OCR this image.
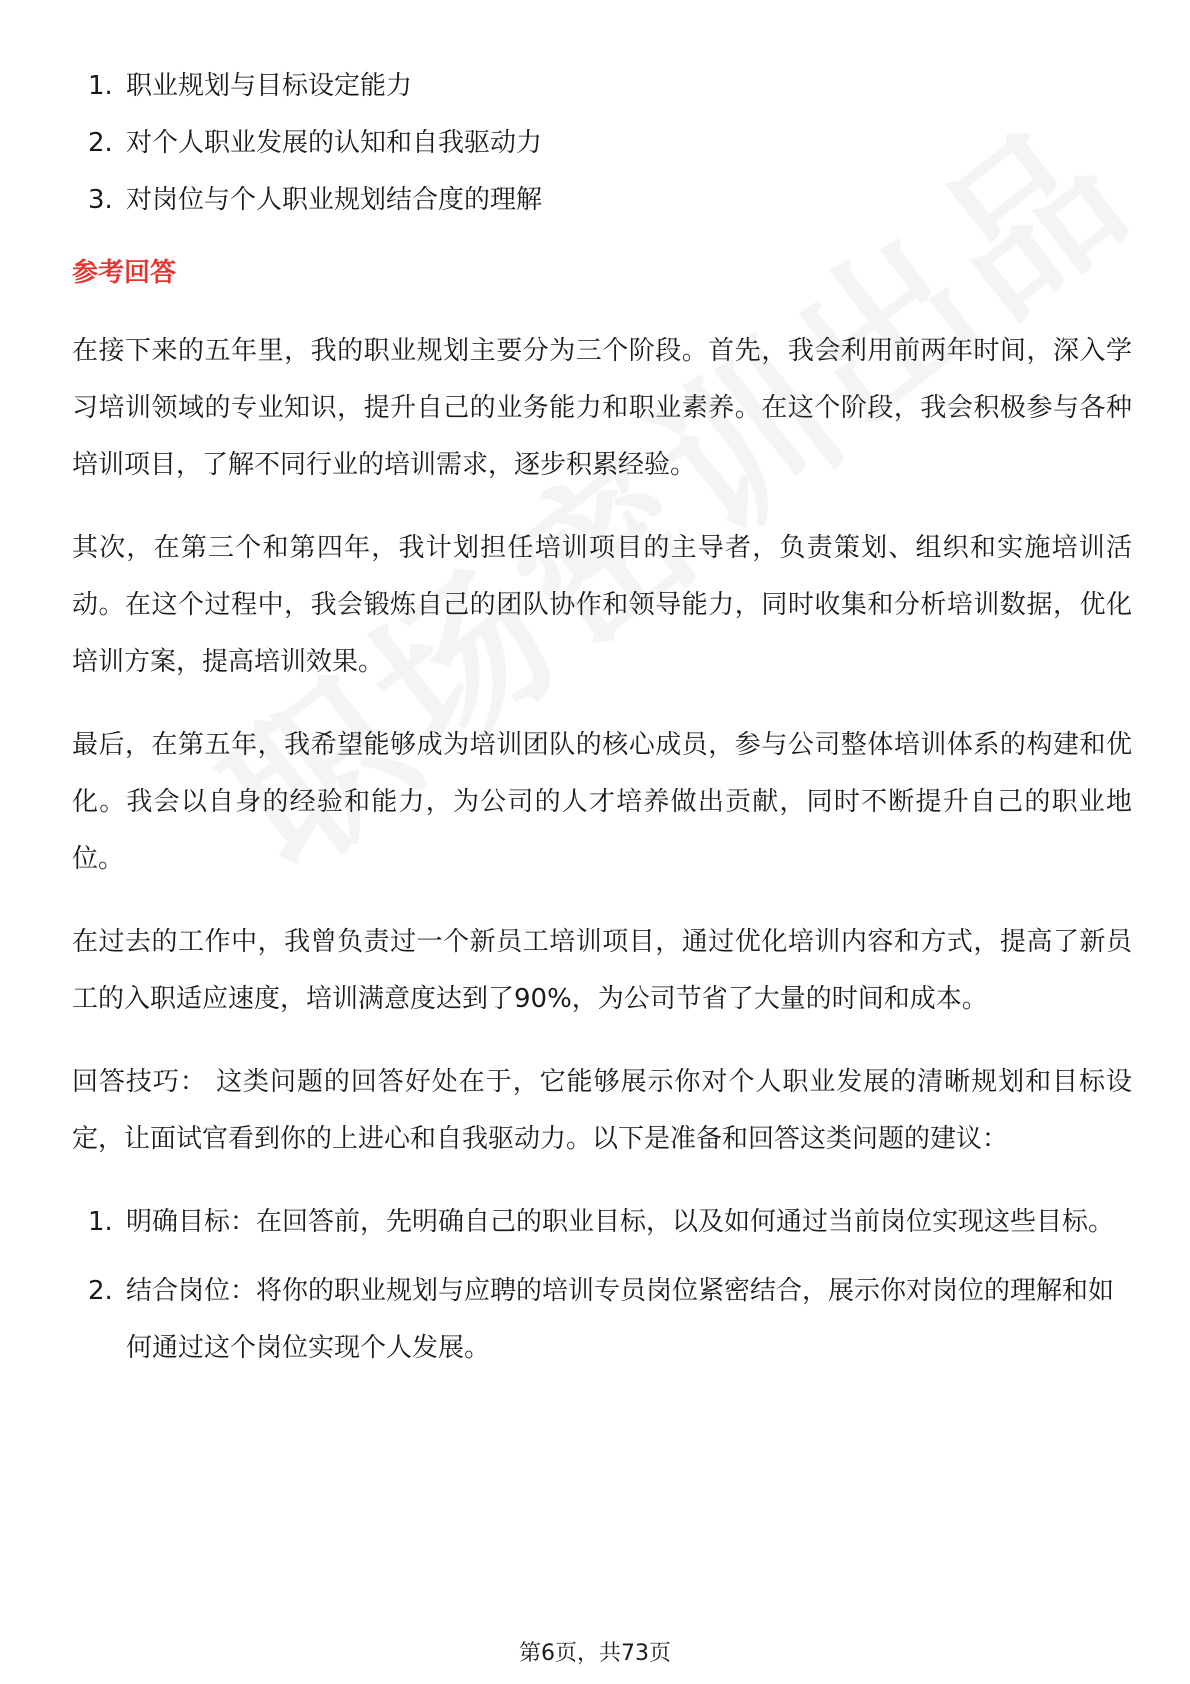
1. 职业规划与目标设定能力
2. 对个人职业发展的认知和自我驱动力
3. 对岗位与个人职业规划结合度的理解
参考回答

在接下来的五年里，我的职业规划主要分为三个阶段。首先，我会利用前两年时间，深入学习培训领域的专业知识，提升自己的业务能力和职业素养。在这个阶段，我会积极参与各种培训项目，了解不同行业的培训需求，逐步积累经验。

其次，在第三个和第四年，我计划担任培训项目的主导者，负责策划、组织和实施培训活动。在这个过程中，我会锻炼自己的团队协作和领导能力，同时收集和分析培训数据，优化培训方案，提高培训效果。

最后，在第五年，我希望能够成为培训团队的核心成员，参与公司整体培训体系的构建和优化。我会以自身的经验和能力，为公司的人才培养做出贡献，同时不断提升自己的职业地位。

在过去的工作中，我曾负责过一个新员工培训项目，通过优化培训内容和方式，提高了新员工的入职适应速度，培训满意度达到了90%，为公司节省了大量的时间和成本。

回答技巧： 这类问题的回答好处在于，它能够展示你对个人职业发展的清晰规划和目标设定，让面试官看到你的上进心和自我驱动力。以下是准备和回答这类问题的建议：

1. 明确目标：在回答前，先明确自己的职业目标，以及如何通过当前岗位实现这些目标。
2. 结合岗位：将你的职业规划与应聘的培训专员岗位紧密结合，展示你对岗位的理解和如何通过这个岗位实现个人发展。
第6页，共73页
